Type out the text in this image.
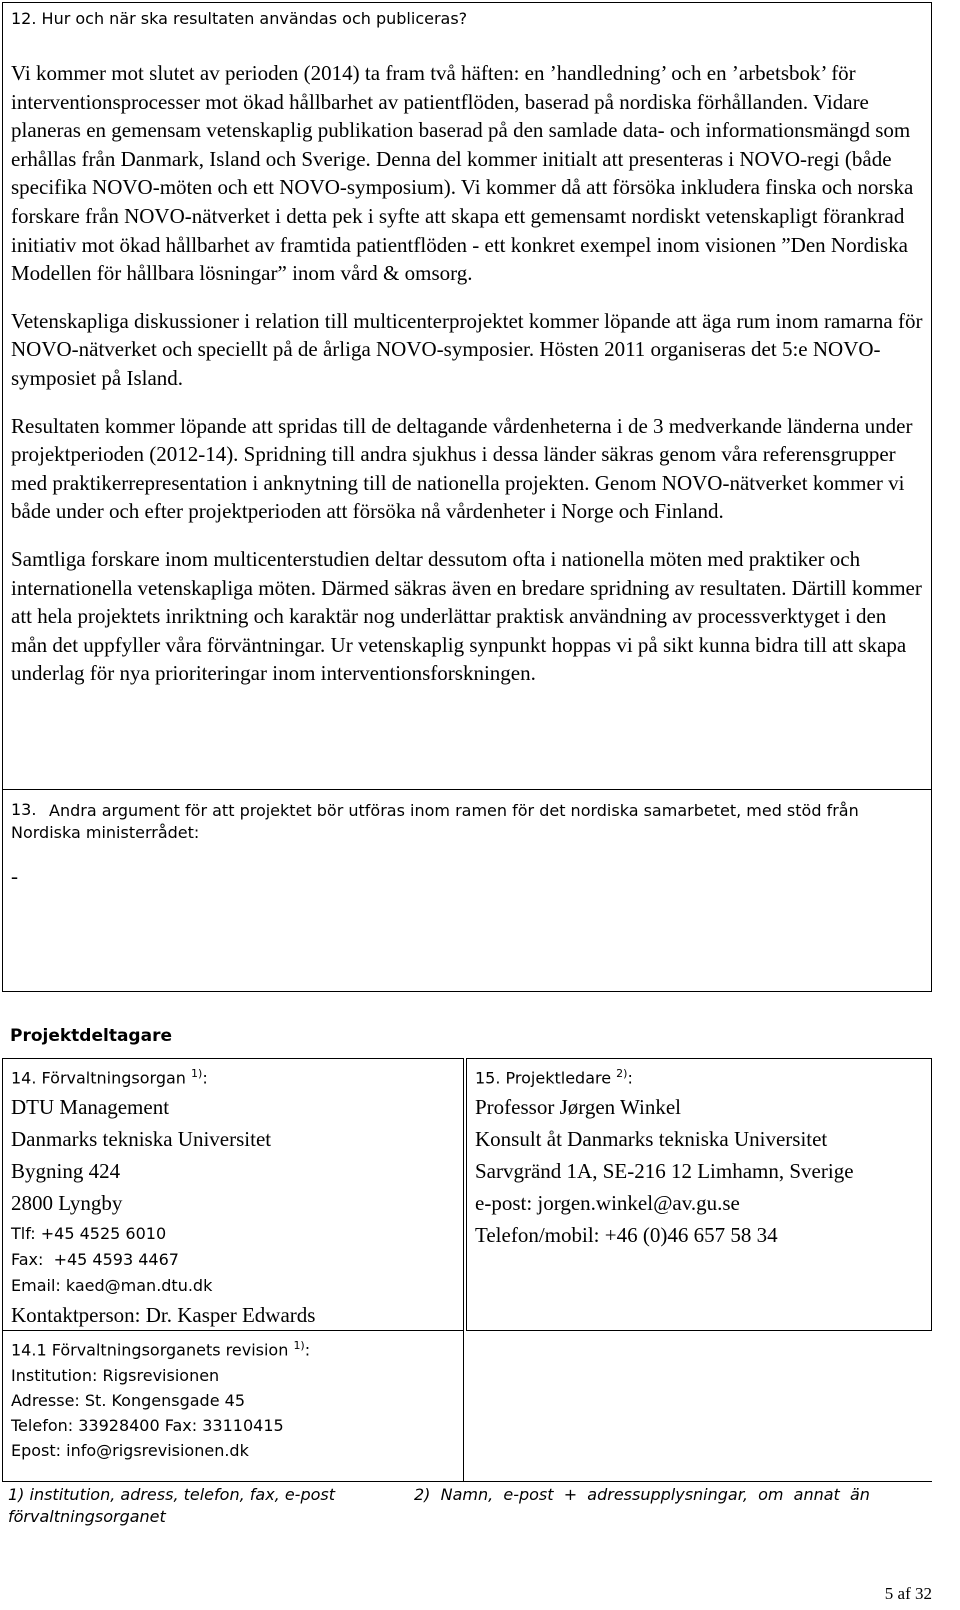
12. Hur och när ska resultaten användas och publiceras?

Vi kommer mot slutet av perioden (2014) ta fram två häften: en ’handledning’ och en ’arbetsbok’ för interventionsprocesser mot ökad hållbarhet av patientflöden, baserad på nordiska förhållanden. Vidare planeras en gemensam vetenskaplig publikation baserad på den samlade data- och informationsmängd som erhållas från Danmark, Island och Sverige. Denna del kommer initialt att presenteras i NOVO-regi (både specifika NOVO-möten och ett NOVO-symposium). Vi kommer då att försöka inkludera finska och norska forskare från NOVO-nätverket i detta pek i syfte att skapa ett gemensamt nordiskt vetenskapligt förankrad initiativ mot ökad hållbarhet av framtida patientflöden - ett konkret exempel inom visionen ”Den Nordiska Modellen för hållbara lösningar” inom vård & omsorg.

Vetenskapliga diskussioner i relation till multicenterprojektet kommer löpande att äga rum inom ramarna för NOVO-nätverket och speciellt på de årliga NOVO-symposier. Hösten 2011 organiseras det 5:e NOVO-symposiet på Island.

Resultaten kommer löpande att spridas till de deltagande vårdenheterna i de 3 medverkande länderna under projektperioden (2012-14). Spridning till andra sjukhus i dessa länder säkras genom våra referensgrupper med praktikerrepresentation i anknytning till de nationella projekten. Genom NOVO-nätverket kommer vi både under och efter projektperioden att försöka nå vårdenheter i Norge och Finland.

Samtliga forskare inom multicenterstudien deltar dessutom ofta i nationella möten med praktiker och internationella vetenskapliga möten. Därmed säkras även en bredare spridning av resultaten. Därtill kommer att hela projektets inriktning och karaktär nog underlättar praktisk användning av processverktyget i den mån det uppfyller våra förväntningar. Ur vetenskaplig synpunkt hoppas vi på sikt kunna bidra till att skapa underlag för nya prioriteringar inom interventionsforskningen.

13. Andra argument för att projektet bör utföras inom ramen för det nordiska samarbetet, med stöd från Nordiska ministerrådet:
-
Projektdeltagare
14. Förvaltningsorgan $^{1)}$:
DTU Management
Danmarks tekniska Universitet
Bygning 424
2800 Lyngby
Tlf: +45 4525 6010
Fax:  +45 4593 4467
Email: kaed@man.dtu.dk
Kontaktperson: Dr. Kasper Edwards
15. Projektledare $^{2)}$:
Professor Jørgen Winkel
Konsult åt Danmarks tekniska Universitet
Sarvgränd 1A, SE-216 12 Limhamn, Sverige
e-post: jorgen.winkel@av.gu.se
Telefon/mobil: +46 (0)46 657 58 34
14.1 Förvaltningsorganets revision $^{1)}$:
Institution: Rigsrevisionen
Adresse: St. Kongensgade 45
Telefon: 33928400 Fax: 33110415
Epost: info@rigsrevisionen.dk
1) institution, adress, telefon, fax, e-post förvaltningsorganet
2)  Namn,  e-post  +  adressupplysningar,  om  annat  än
5 af 32
